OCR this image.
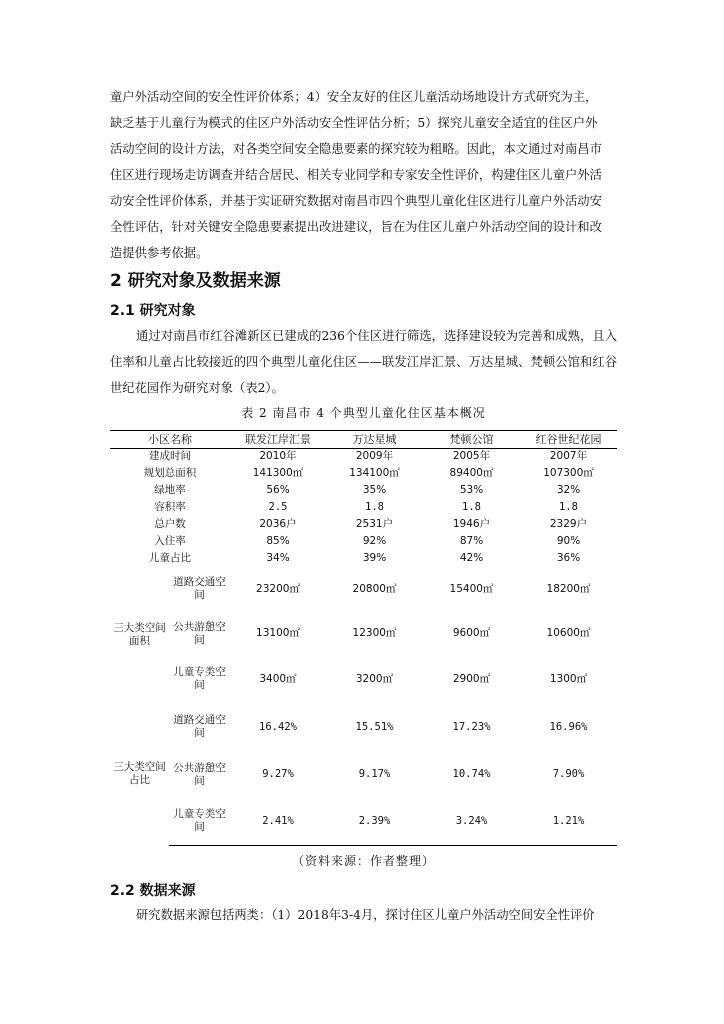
童户外活动空间的安全性评价体系；4）安全友好的住区儿童活动场地设计方式研究为主，
缺乏基于儿童行为模式的住区户外活动安全性评估分析；5）探究儿童安全适宜的住区户外
活动空间的设计方法，对各类空间安全隐患要素的探究较为粗略。因此，本文通过对南昌市
住区进行现场走访调查并结合居民、相关专业同学和专家安全性评价，构建住区儿童户外活
动安全性评价体系，并基于实证研究数据对南昌市四个典型儿童化住区进行儿童户外活动安
全性评估，针对关键安全隐患要素提出改进建议，旨在为住区儿童户外活动空间的设计和改
造提供参考依据。
2 研究对象及数据来源
2.1 研究对象

通过对南昌市红谷滩新区已建成的236个住区进行筛选，选择建设较为完善和成熟，且入住率和儿童占比较接近的四个典型儿童化住区——联发江岸汇景、万达星城、梵顿公馆和红谷世纪花园作为研究对象（表2）。

表 2 南昌市 4 个典型儿童化住区基本概况
小区名称		联发江岸汇景	万达星城	梵顿公馆	红谷世纪花园
建成时间		2010年	2009年	2005年	2007年
规划总面积		141300㎡	134100㎡	89400㎡	107300㎡
绿地率		56%	35%	53%	32%
容积率		2.5	1.8	1.8	1.8
总户数		2036户	2531户	1946户	2329户
入住率		85%	92%	87%	90%
儿童占比		34%	39%	42%	36%
三大类空间面积	道路交通空间	23200㎡	20800㎡	15400㎡	18200㎡
	公共游憩空间	13100㎡	12300㎡	9600㎡	10600㎡
	儿童专类空间	3400㎡	3200㎡	2900㎡	1300㎡
三大类空间占比	道路交通空间	16.42%	15.51%	17.23%	16.96%
	公共游憩空间	9.27%	9.17%	10.74%	7.90%
	儿童专类空间	2.41%	2.39%	3.24%	1.21%
（资料来源：作者整理）
2.2 数据来源

研究数据来源包括两类：（1）2018年3-4月，探讨住区儿童户外活动空间安全性评价
